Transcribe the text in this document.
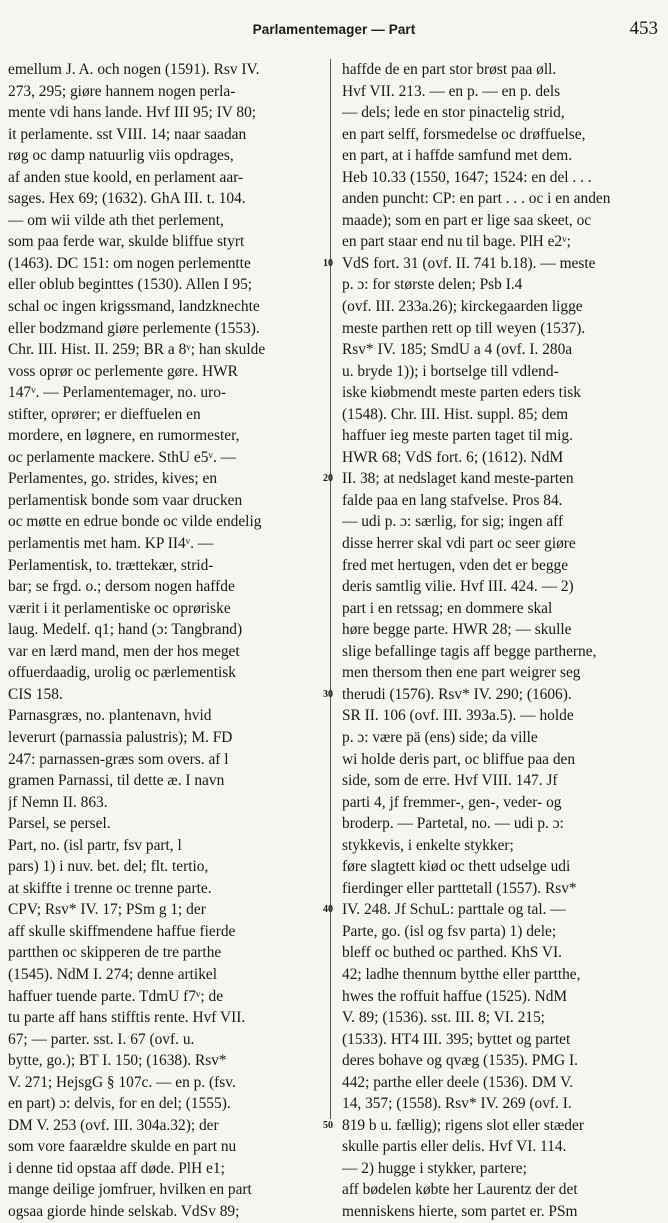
Parlamentemager — Part	453
emellum J. A. och nogen (1591). Rsv IV.
273, 295; giøre hannem nogen perla-
mente vdi hans lande. Hvf III 95; IV 80;
it perlamente. sst VIII. 14; naar saadan
røg oc damp natuurlig viis opdrages,
af anden stue koold, en perlament aar-
sages. Hex 69; (1632). GhA III. t. 104.
— om wii vilde ath thet perlement,
som paa ferde war, skulde bliffue styrt
(1463). DC 151: om nogen perlementte
eller oblub beginttes (1530). Allen I 95;
schal oc ingen krigssmand, landzknechte
eller bodzmand giøre perlemente (1553).
Chr. III. Hist. II. 259; BR a 8ᵛ; han skulde
voss oprør oc perlemente gøre. HWR
147ᵛ. — Perlamentemager, no. uro-
stifter, oprører; er dieffuelen en
mordere, en løgnere, en rumormester,
oc perlamente mackere. SthU e5ᵛ. —
Perlamentes, go. strides, kives; en
perlamentisk bonde som vaar drucken
oc møtte en edrue bonde oc vilde endelig
perlamentis met ham. KP II4ᵛ. —
Perlamentisk, to. trættekær, strid-
bar; se frgd. o.; dersom nogen haffde
værit i it perlamentiske oc oprøriske
laug. Medelf. q1; hand (ɔ: Tangbrand)
var en lærd mand, men der hos meget
offuerdaadig, urolig oc pærlementisk
CIS 158.
Parnasgræs, no. plantenavn, hvid
leverurt (parnassia palustris); M. FD
247: parnassen-græs som overs. af l
gramen Parnassi, til dette æ. I navn
jf Nemn II. 863.
Parsel, se persel.
Part, no. (isl partr, fsv part, l
pars) 1) i nuv. bet. del; flt. tertio,
at skiffte i trenne oc trenne parte.
CPV; Rsv* IV. 17; PSm g 1; der
aff skulle skiffmendene haffue fierde
partthen oc skipperen de tre parthe
(1545). NdM I. 274; denne artikel
haffuer tuende parte. TdmU f7ᵛ; de
tu parte aff hans stifftis rente. Hvf VII.
67; — parter. sst. I. 67 (ovf. u.
bytte, go.); BT I. 150; (1638). Rsv*
V. 271; HejsgG § 107c. — en p. (fsv.
en part) ɔ: delvis, for en del; (1555).
DM V. 253 (ovf. III. 304a.32); der
som vore faarældre skulde en part nu
i denne tid opstaa aff døde. PlH e1;
mange deilige jomfruer, hvilken en part
ogsaa giorde hinde selskab. VdSv 89;
10
20
30
40
50
haffde de en part stor brøst paa øll.
Hvf VII. 213. — en p. — en p. dels
— dels; lede en stor pinactelig strid,
en part selff, forsmedelse oc drøffuelse,
en part, at i haffde samfund met dem.
Heb 10.33 (1550, 1647; 1524: en del . . .
anden puncht: CP: en part . . . oc i en anden
maade); som en part er lige saa skeet, oc
en part staar end nu til bage. PlH e2ᵛ;
VdS fort. 31 (ovf. II. 741 b.18). — meste
p. ɔ: for største delen; Psb I.4
(ovf. III. 233a.26); kirckegaarden ligge
meste parthen rett op till weyen (1537).
Rsv* IV. 185; SmdU a 4 (ovf. I. 280a
u. bryde 1)); i bortselge till vdlend-
iske kiøbmendt meste parten eders tisk
(1548). Chr. III. Hist. suppl. 85; dem
haffuer ieg meste parten taget til mig.
HWR 68; VdS fort. 6; (1612). NdM
II. 38; at nedslaget kand meste-parten
falde paa en lang stafvelse. Pros 84.
— udi p. ɔ: særlig, for sig; ingen aff
disse herrer skal vdi part oc seer giøre
fred met hertugen, vden det er begge
deris samtlig vilie. Hvf III. 424. — 2)
part i en retssag; en dommere skal
høre begge parte. HWR 28; — skulle
slige befallinge tagis aff begge partherne,
men thersom then ene part weigrer seg
therudi (1576). Rsv* IV. 290; (1606).
SR II. 106 (ovf. III. 393a.5). — holde
p. ɔ: være pä (ens) side; da ville
wi holde deris part, oc bliffue paa den
side, som de erre. Hvf VIII. 147. Jf
parti 4, jf fremmer-, gen-, veder- og
broderp. — Partetal, no. — udi p. ɔ:
stykkevis, i enkelte stykker;
føre slagtett kiød oc thett udselge udi
fierdinger eller parttetall (1557). Rsv*
IV. 248. Jf SchuL: parttale og tal. —
Parte, go. (isl og fsv parta) 1) dele;
bleff oc buthed oc parthed. KhS VI.
42; ladhe thennum bytthe eller partthe,
hwes the roffuit haffue (1525). NdM
V. 89; (1536). sst. III. 8; VI. 215;
(1533). HT4 III. 395; byttet og partet
deres bohave og qvæg (1535). PMG I.
442; parthe eller deele (1536). DM V.
14, 357; (1558). Rsv* IV. 269 (ovf. I.
819 b u. fællig); rigens slot eller stæder
skulle partis eller delis. Hvf VI. 114.
— 2) hugge i stykker, partere;
aff bødelen købte her Laurentz der det
menniskens hierte, som partet er. PSm
